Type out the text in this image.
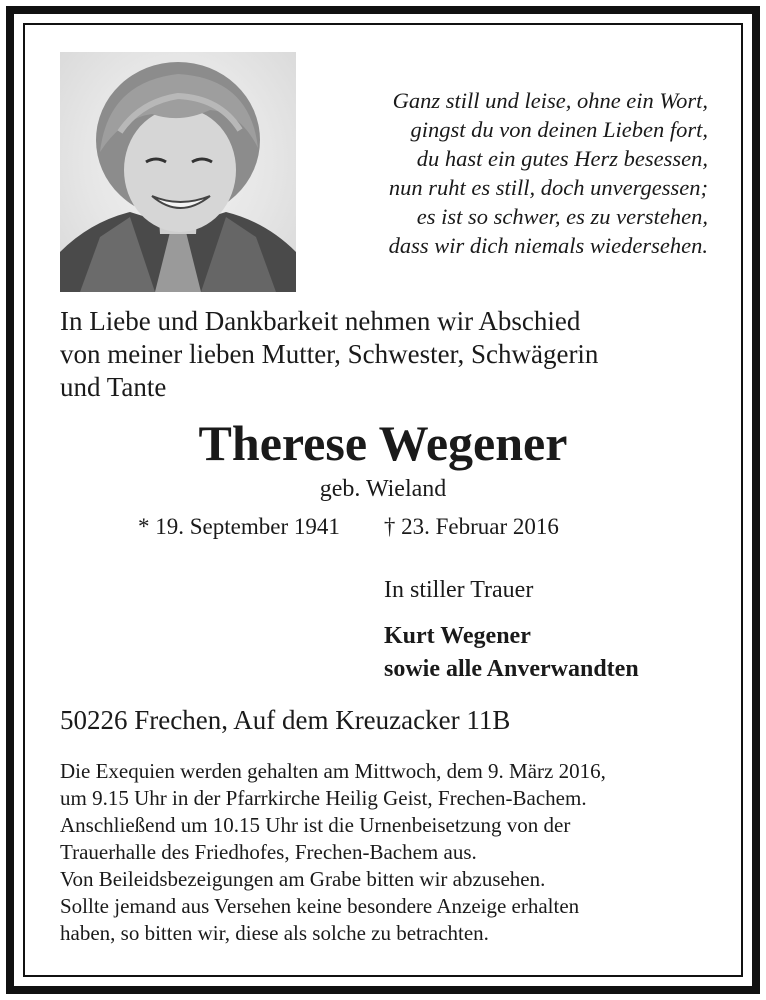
Ganz still und leise, ohne ein Wort,
gingst du von deinen Lieben fort,
du hast ein gutes Herz besessen,
nun ruht es still, doch unvergessen;
es ist so schwer, es zu verstehen,
dass wir dich niemals wiedersehen.
In Liebe und Dankbarkeit nehmen wir Abschied
von meiner lieben Mutter, Schwester, Schwägerin
und Tante
Therese Wegener
geb. Wieland
* 19. September 1941 † 23. Februar 2016
In stiller Trauer
Kurt Wegener
sowie alle Anverwandten
50226 Frechen, Auf dem Kreuzacker 11B
Die Exequien werden gehalten am Mittwoch, dem 9. März 2016,
um 9.15 Uhr in der Pfarrkirche Heilig Geist, Frechen-Bachem.
Anschließend um 10.15 Uhr ist die Urnenbeisetzung von der
Trauerhalle des Friedhofes, Frechen-Bachem aus.
Von Beileidsbezeigungen am Grabe bitten wir abzusehen.
Sollte jemand aus Versehen keine besondere Anzeige erhalten
haben, so bitten wir, diese als solche zu betrachten.
